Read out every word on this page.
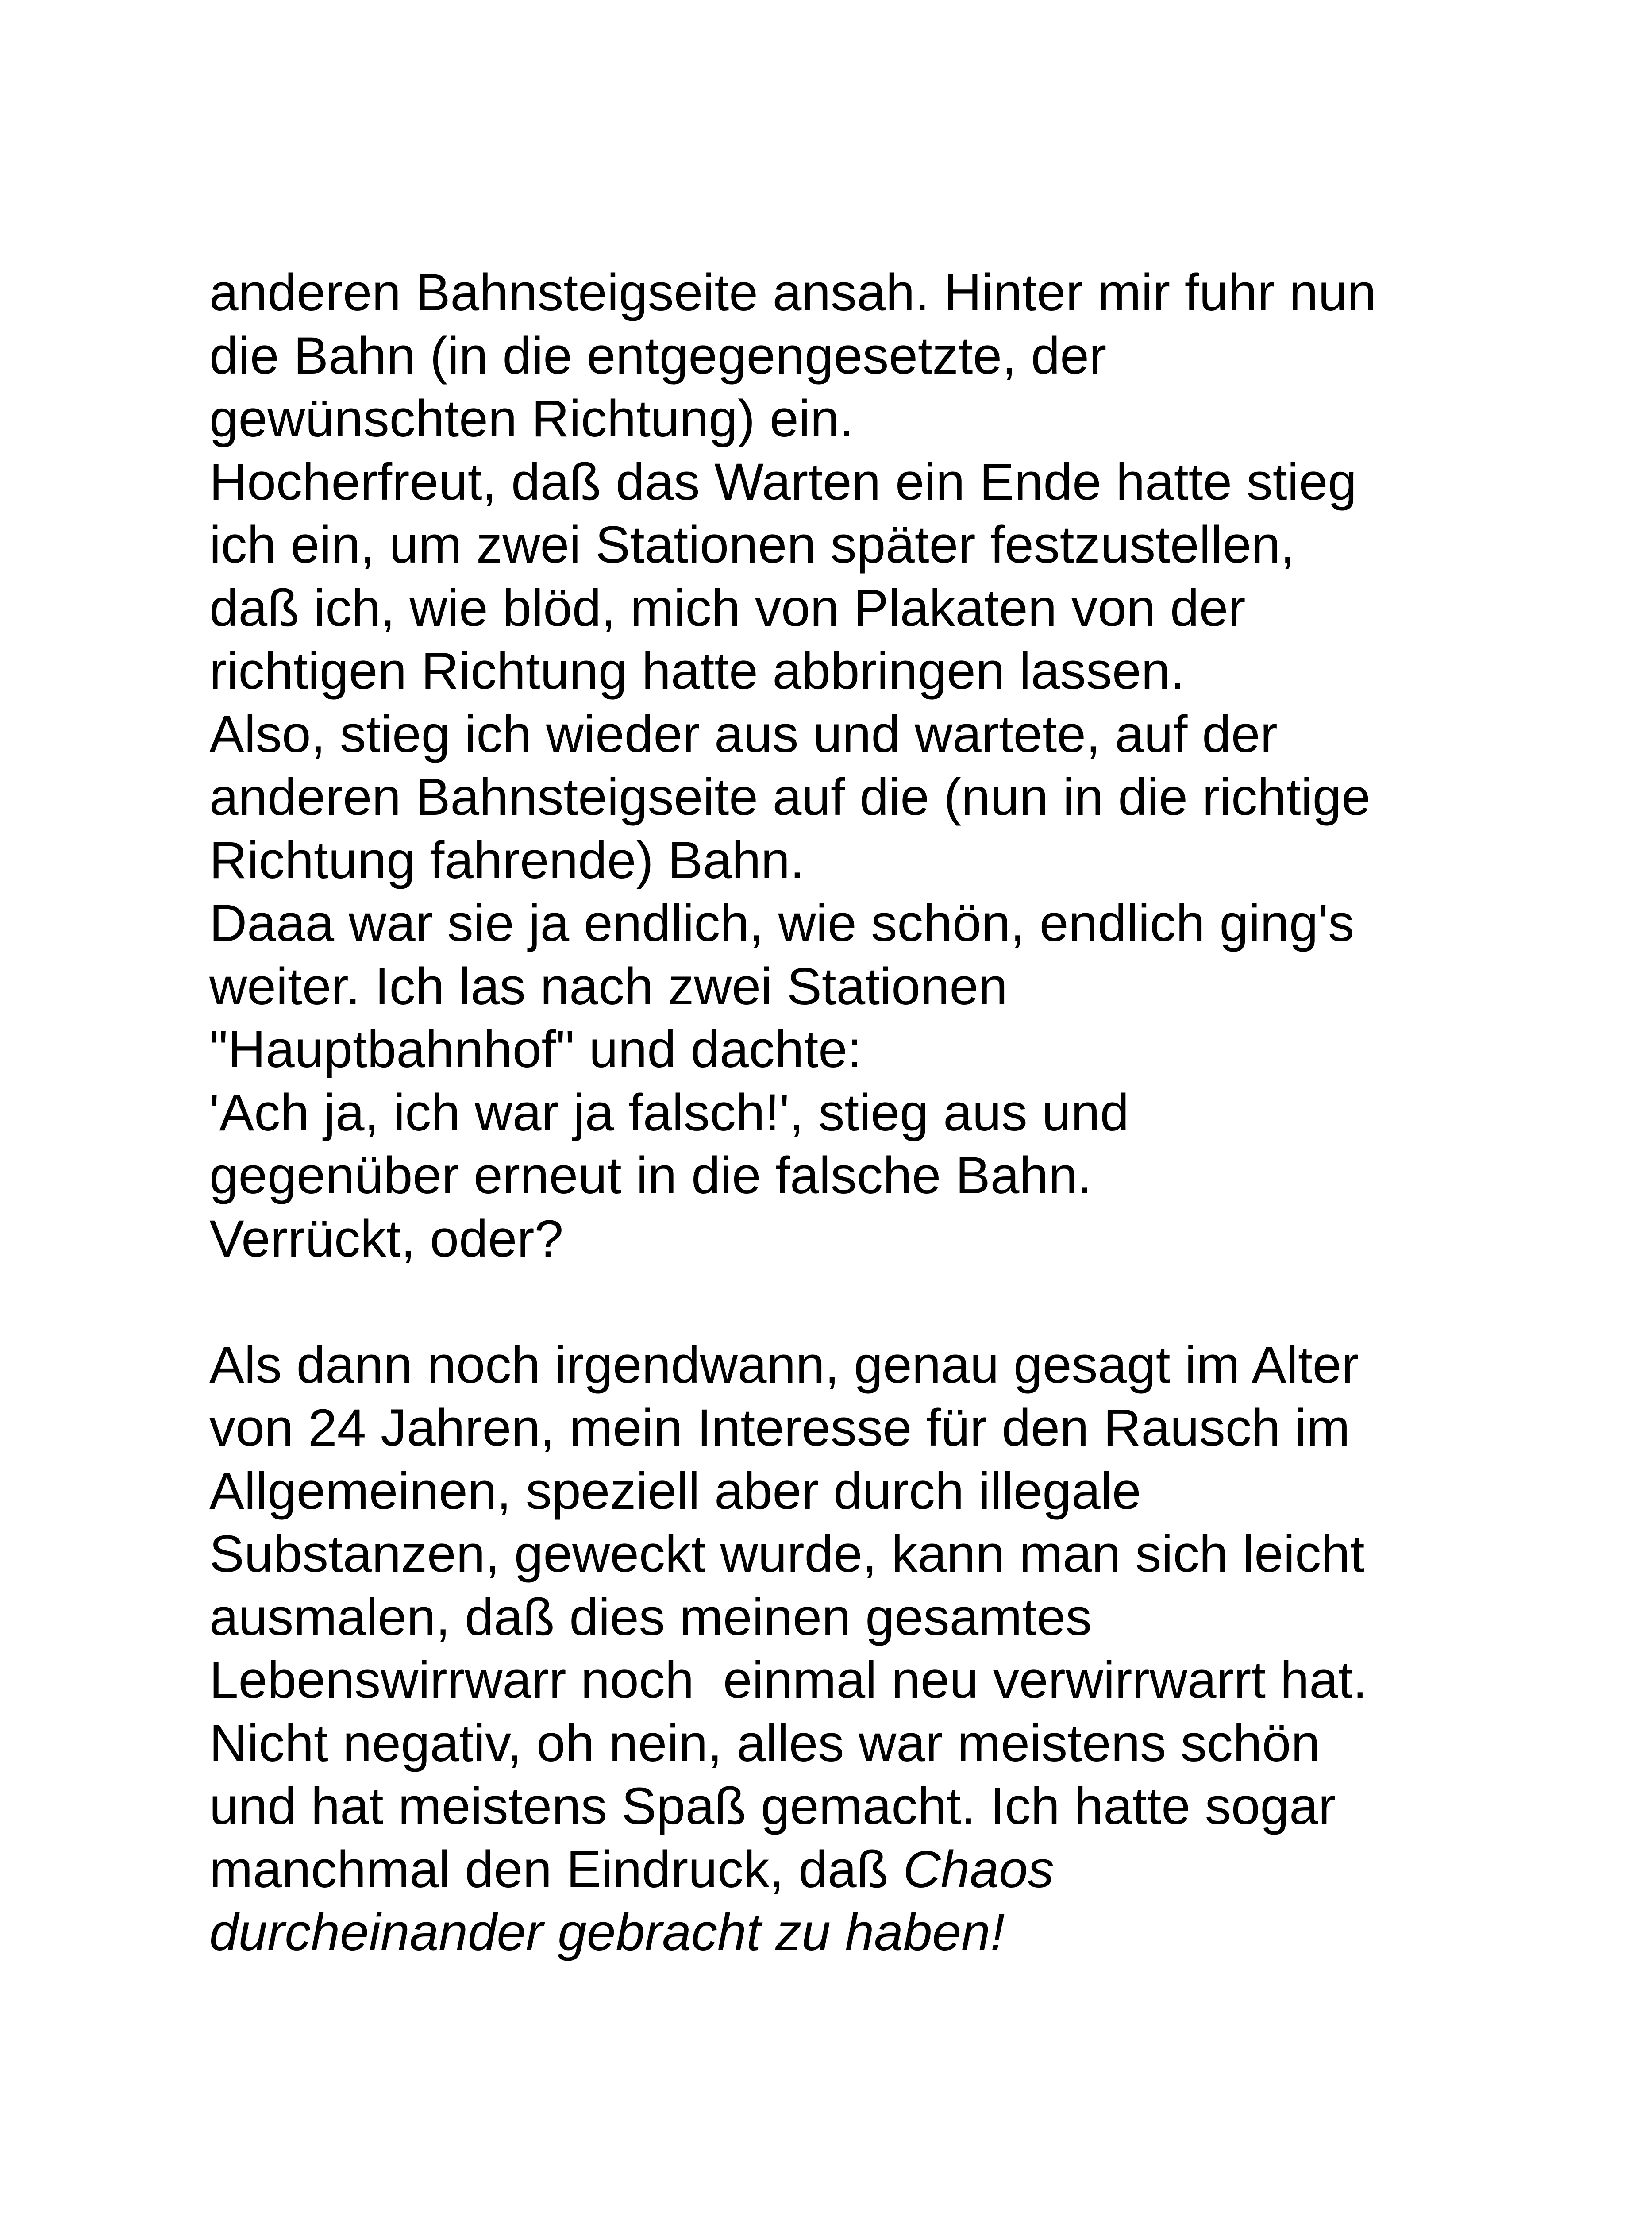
anderen Bahnsteigseite ansah. Hinter mir fuhr nun
die Bahn (in die entgegengesetzte, der
gewünschten Richtung) ein.
Hocherfreut, daß das Warten ein Ende hatte stieg
ich ein, um zwei Stationen später festzustellen,
daß ich, wie blöd, mich von Plakaten von der
richtigen Richtung hatte abbringen lassen.
Also, stieg ich wieder aus und wartete, auf der
anderen Bahnsteigseite auf die (nun in die richtige
Richtung fahrende) Bahn.
Daaa war sie ja endlich, wie schön, endlich ging's
weiter. Ich las nach zwei Stationen
"Hauptbahnhof" und dachte:
'Ach ja, ich war ja falsch!', stieg aus und
gegenüber erneut in die falsche Bahn.
Verrückt, oder?
Als dann noch irgendwann, genau gesagt im Alter
von 24 Jahren, mein Interesse für den Rausch im
Allgemeinen, speziell aber durch illegale
Substanzen, geweckt wurde, kann man sich leicht
ausmalen, daß dies meinen gesamtes
Lebenswirrwarr noch  einmal neu verwirrwarrt hat.
Nicht negativ, oh nein, alles war meistens schön
und hat meistens Spaß gemacht. Ich hatte sogar
manchmal den Eindruck, daß Chaos
durcheinander gebracht zu haben!
